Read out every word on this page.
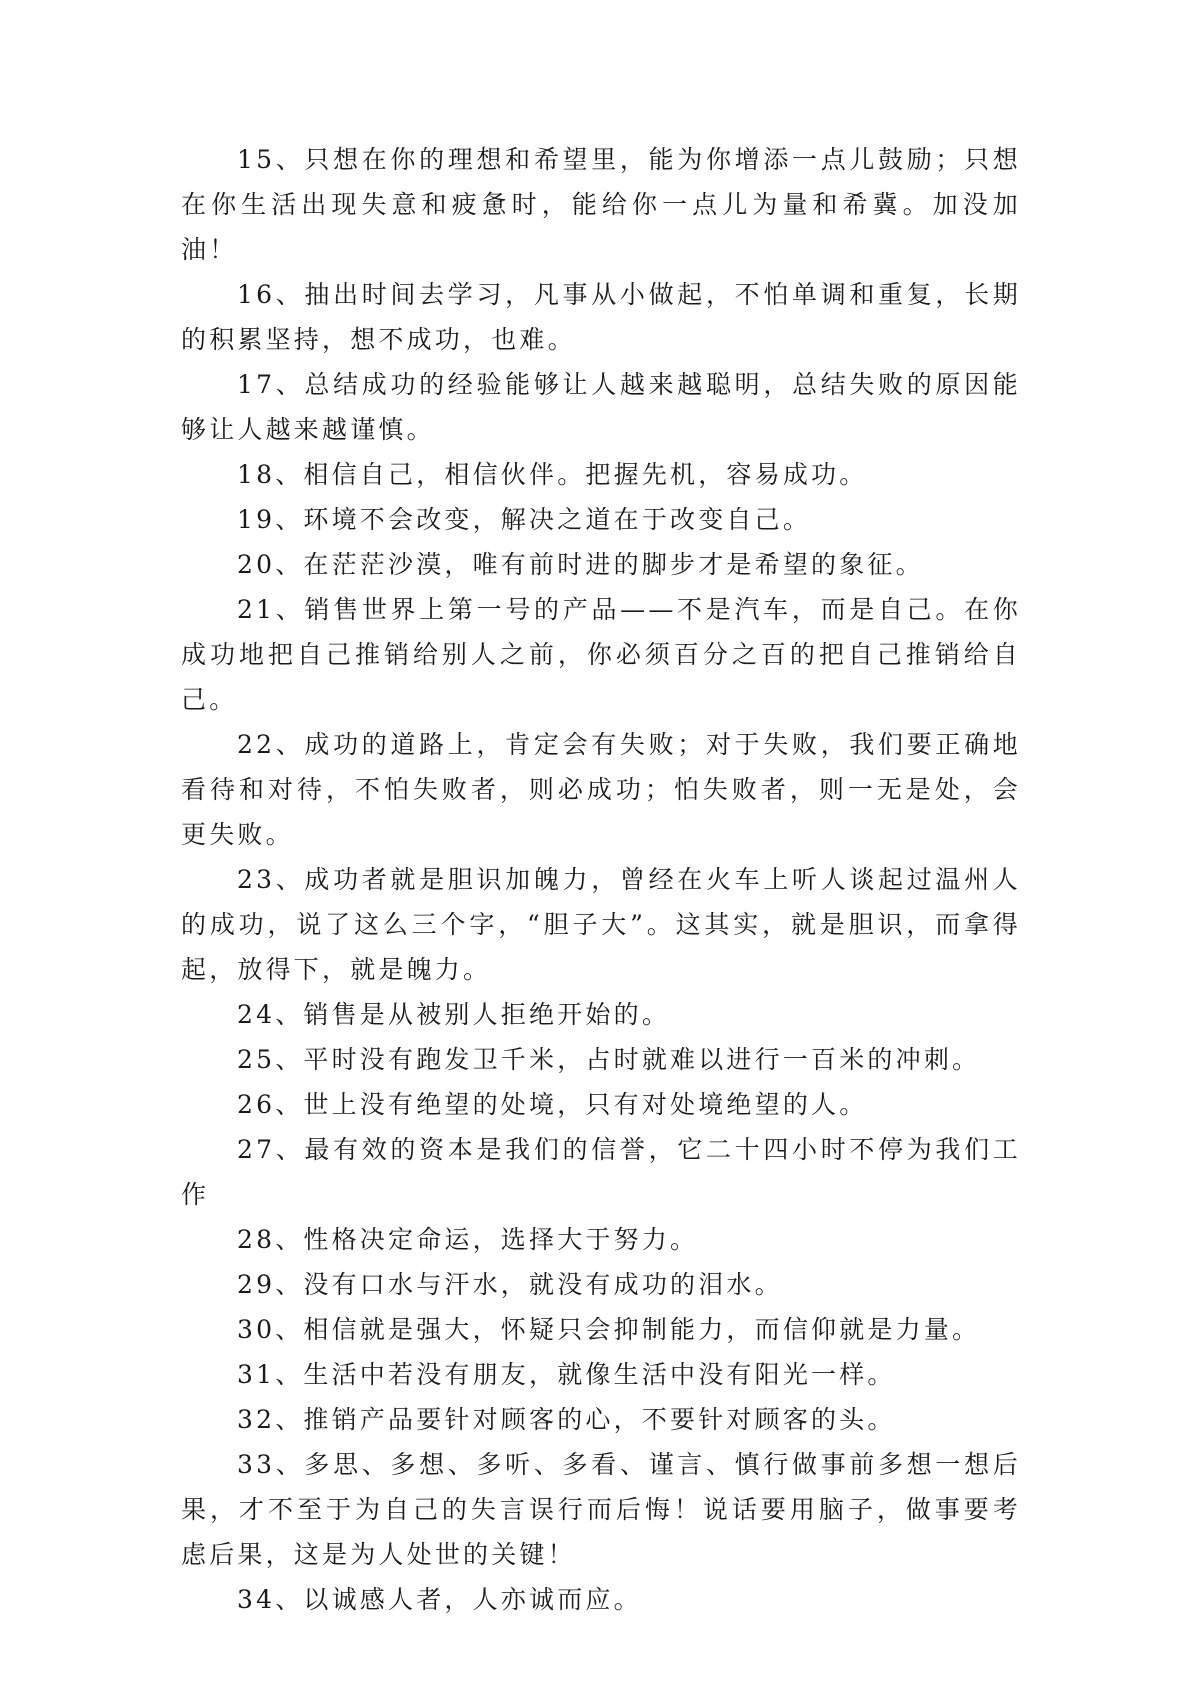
15、只想在你的理想和希望里，能为你增添一点儿鼓励；只想在你生活出现失意和疲惫时，能给你一点儿为量和希冀。加没加油！

16、抽出时间去学习，凡事从小做起，不怕单调和重复，长期的积累坚持，想不成功，也难。

17、总结成功的经验能够让人越来越聪明，总结失败的原因能够让人越来越谨慎。

18、相信自己，相信伙伴。把握先机，容易成功。

19、环境不会改变，解决之道在于改变自己。

20、在茫茫沙漠，唯有前时进的脚步才是希望的象征。

21、销售世界上第一号的产品——不是汽车，而是自己。在你成功地把自己推销给别人之前，你必须百分之百的把自己推销给自己。

22、成功的道路上，肯定会有失败；对于失败，我们要正确地看待和对待，不怕失败者，则必成功；怕失败者，则一无是处，会更失败。

23、成功者就是胆识加魄力，曾经在火车上听人谈起过温州人的成功，说了这么三个字，“胆子大”。这其实，就是胆识，而拿得起，放得下，就是魄力。

24、销售是从被别人拒绝开始的。

25、平时没有跑发卫千米，占时就难以进行一百米的冲刺。

26、世上没有绝望的处境，只有对处境绝望的人。

27、最有效的资本是我们的信誉，它二十四小时不停为我们工作

28、性格决定命运，选择大于努力。

29、没有口水与汗水，就没有成功的泪水。

30、相信就是强大，怀疑只会抑制能力，而信仰就是力量。

31、生活中若没有朋友，就像生活中没有阳光一样。

32、推销产品要针对顾客的心，不要针对顾客的头。

33、多思、多想、多听、多看、谨言、慎行做事前多想一想后果，才不至于为自己的失言误行而后悔！说话要用脑子，做事要考虑后果，这是为人处世的关键！

34、以诚感人者，人亦诚而应。
